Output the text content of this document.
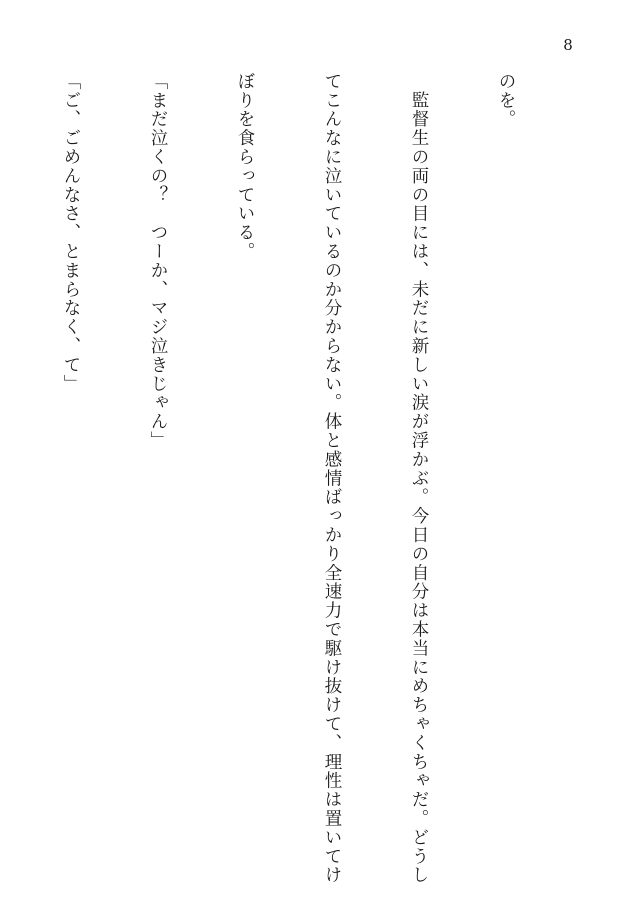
8

のを。

　監督生の両の目には、未だに新しい涙が浮かぶ。今日の自分は本当にめちゃくちゃだ。どうし

てこんなに泣いているのか分からない。体と感情ばっかり全速力で駆け抜けて、理性は置いてけ

ぼりを食らっている。

「まだ泣くの？　つーか、マジ泣きじゃん」

「ご、ごめんなさ、とまらなく、て」
